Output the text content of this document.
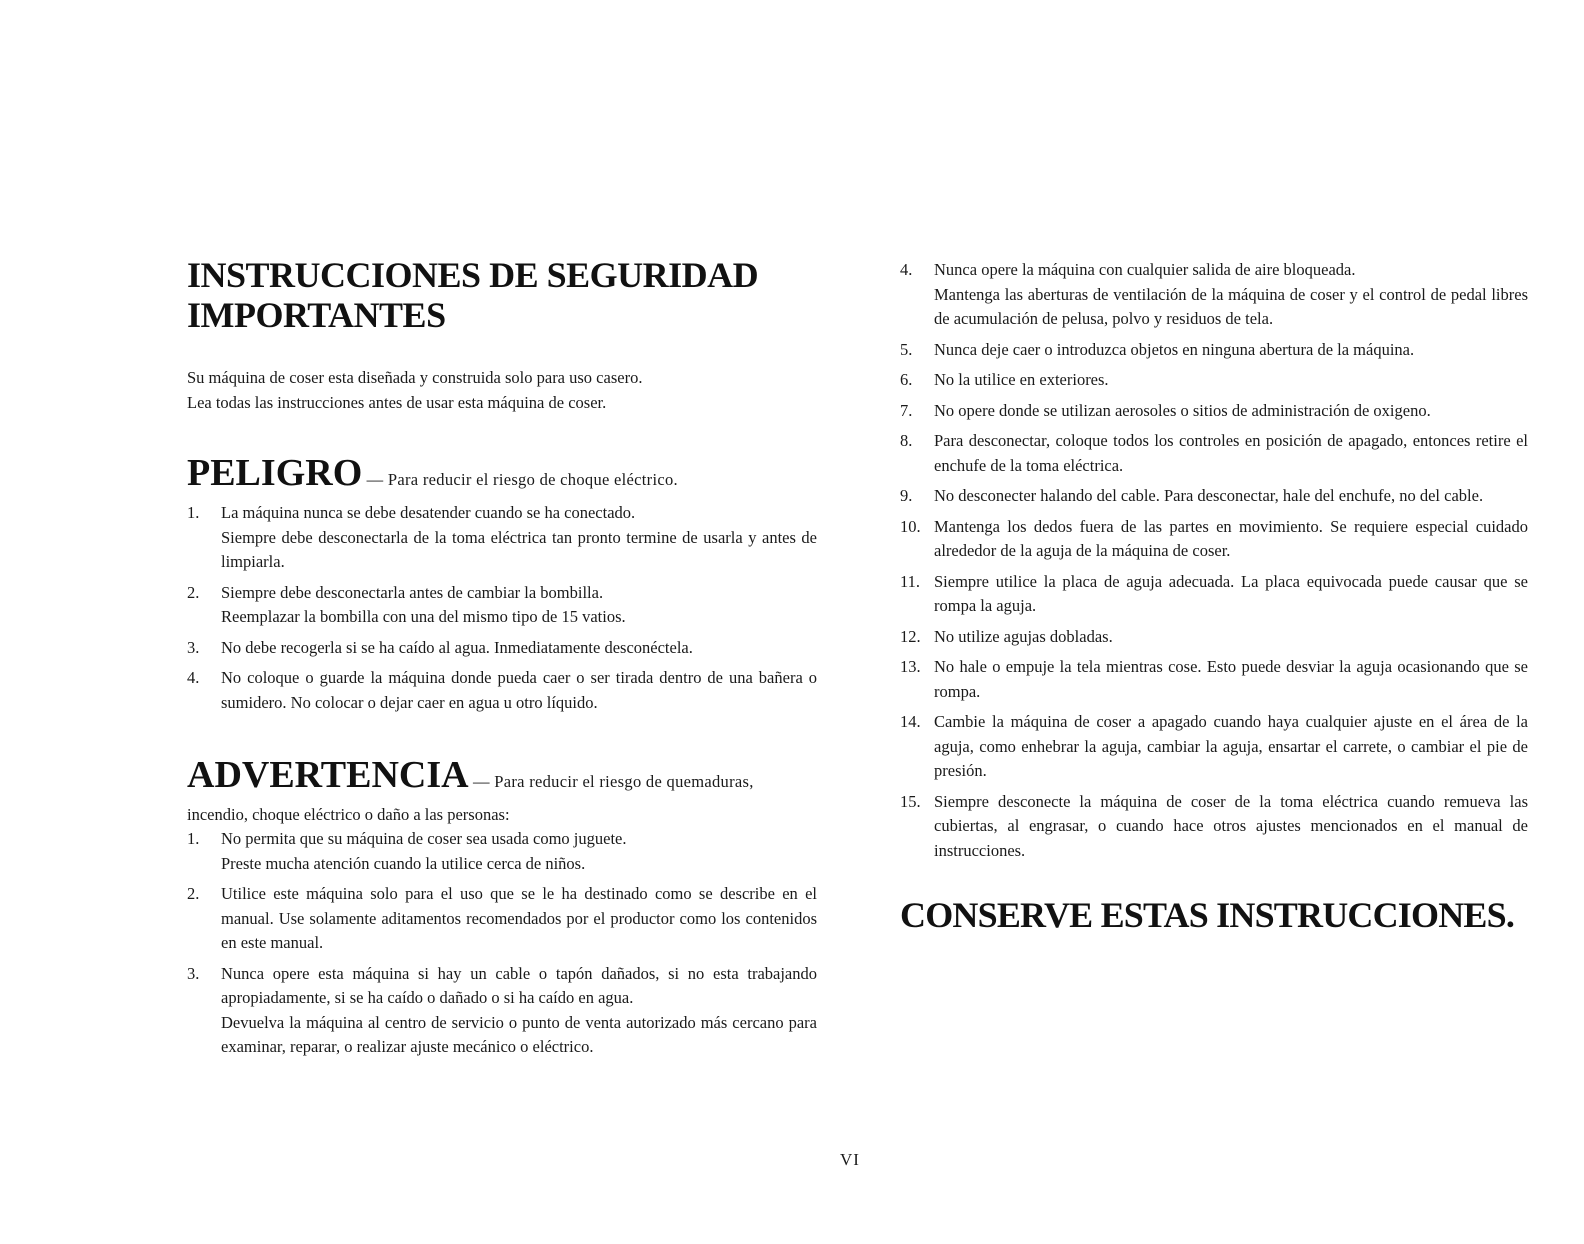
INSTRUCCIONES DE SEGURIDAD
IMPORTANTES

Su máquina de coser esta diseñada y construida solo para uso casero.

Lea todas las instrucciones antes de usar esta máquina de coser.

PELIGRO — Para reducir el riesgo de choque eléctrico.
1.	La máquina nunca se debe desatender cuando se ha conectado.
Siempre debe desconectarla de la toma eléctrica tan pronto termine de usarla y antes de limpiarla.
2.	Siempre debe desconectarla antes de cambiar la bombilla.
Reemplazar la bombilla con una del mismo tipo de 15 vatios.
3.	No debe recogerla si se ha caído al agua. Inmediatamente desconéctela.
4.	No coloque o guarde la máquina donde pueda caer o ser tirada dentro de una bañera o sumidero. No colocar o dejar caer en agua u otro líquido.
ADVERTENCIA — Para reducir el riesgo de quemaduras,

incendio, choque eléctrico o daño a las personas:

1.	No permita que su máquina de coser sea usada como juguete.
Preste mucha atención cuando la utilice cerca de niños.
2.	Utilice este máquina solo para el uso que se le ha destinado como se describe en el manual. Use solamente aditamentos recomendados por el productor como los contenidos en este manual.
3.	Nunca opere esta máquina si hay un cable o tapón dañados, si no esta trabajando apropiadamente, si se ha caído o dañado o si ha caído en agua.
Devuelva la máquina al centro de servicio o punto de venta autorizado más cercano para examinar, reparar, o realizar ajuste mecánico o eléctrico.
4.	Nunca opere la máquina con cualquier salida de aire bloqueada.
Mantenga las aberturas de ventilación de la máquina de coser y el control de pedal libres de acumulación de pelusa, polvo y residuos de tela.
5.	Nunca deje caer o introduzca objetos en ninguna abertura de la máquina.
6.	No la utilice en exteriores.
7.	No opere donde se utilizan aerosoles o sitios de administración de oxigeno.
8.	Para desconectar, coloque todos los controles en posición de apagado, entonces retire el enchufe de la toma eléctrica.
9.	No desconecter halando del cable. Para desconectar, hale del enchufe, no del cable.
10. Mantenga los dedos fuera de las partes en movimiento. Se requiere especial cuidado alrededor de la aguja de la máquina de coser.
11. Siempre utilice la placa de aguja adecuada. La placa equivocada puede causar que se rompa la aguja.
12. No utilize agujas dobladas.
13. No hale o empuje la tela mientras cose. Esto puede desviar la aguja ocasionando que se rompa.
14. Cambie la máquina de coser a apagado cuando haya cualquier ajuste en el área de la aguja, como enhebrar la aguja, cambiar la aguja, ensartar el carrete, o cambiar el pie de presión.
15. Siempre desconecte la máquina de coser de la toma eléctrica cuando remueva las cubiertas, al engrasar, o cuando hace otros ajustes mencionados en el manual de instrucciones.
CONSERVE ESTAS INSTRUCCIONES.
VI
